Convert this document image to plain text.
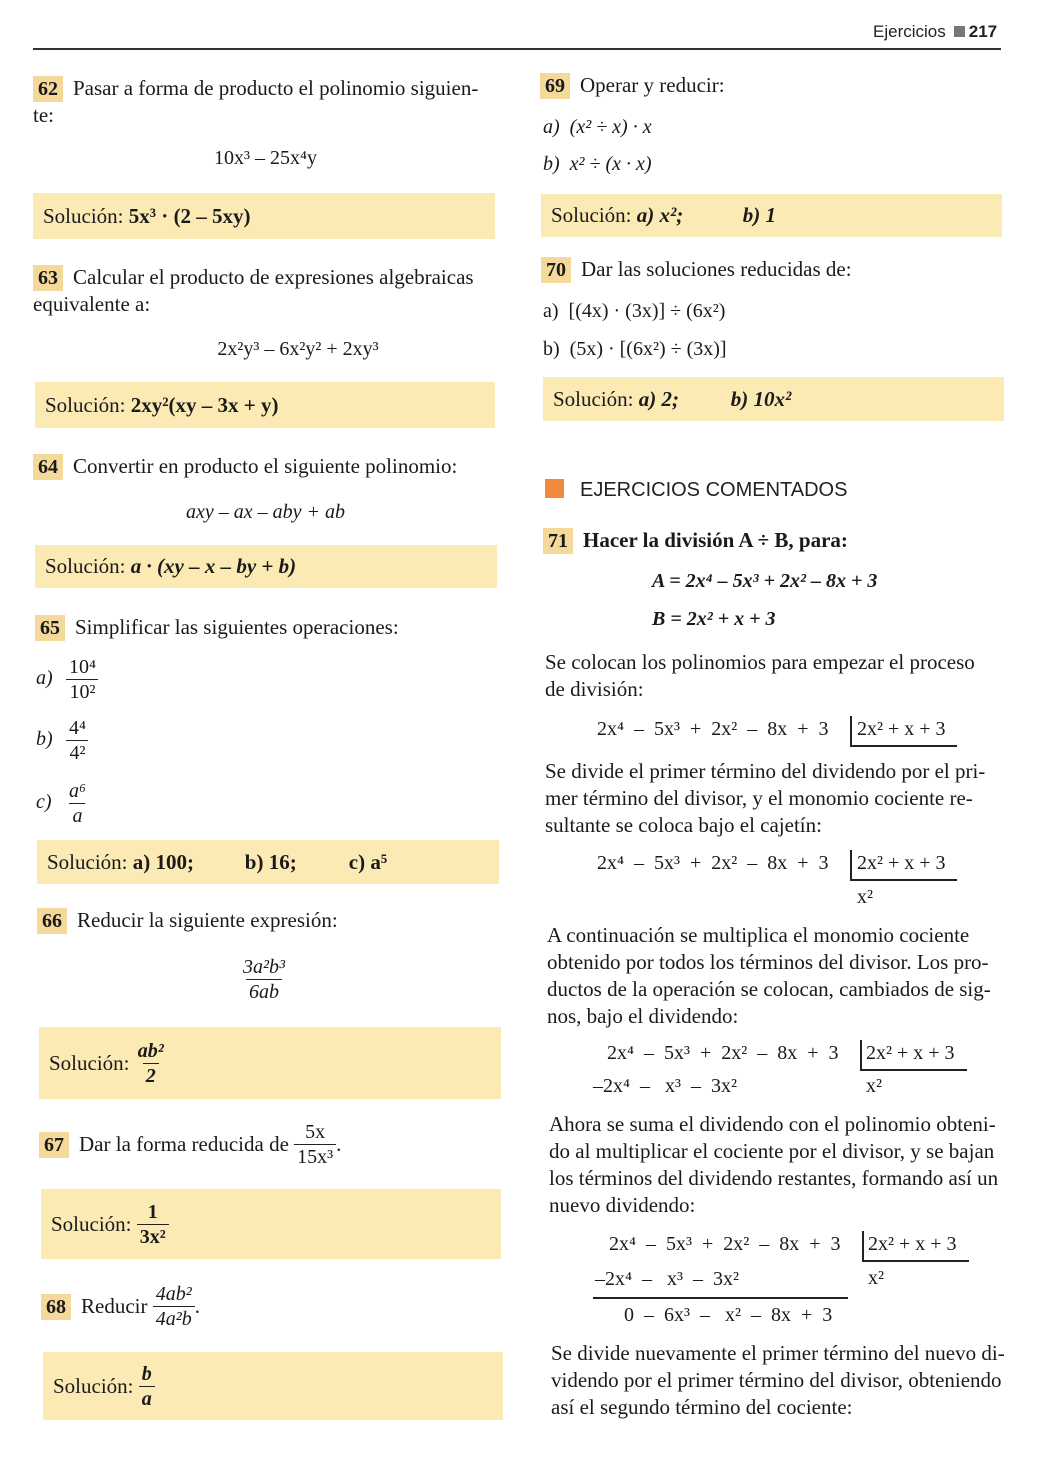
Ejercicios 217
62 Pasar a forma de producto el polinomio siguien-
te:
10x³ – 25x⁴y
Solución:
5x³ · (2 – 5xy)
63 Calcular el producto de expresiones algebraicas
equivalente a:
2x²y³ – 6x²y² + 2xy³
Solución:
2xy²(xy – 3x + y)
64 Convertir en producto el siguiente polinomio:
axy – ax – aby + ab
Solución:
a · (xy – x – by + b)
65 Simplificar las siguientes operaciones:
$a) \frac{\text{10⁴}}{\text{10²}}$
$b) \frac{\text{4⁴}}{\text{4²}}$
$c) \frac{\text{a⁶}}{a}$
Solución:
a) 100;	b) 16;	c) a⁵
66 Reducir la siguiente expresión:
$\frac{\text{3a²b³}}{6ab}$
Solución:
$\frac{\text{ab²}}{2}$
67 Dar la forma reducida de
$\frac{5x}{\text{15x³}}$ .
Solución:
$\frac{1}{\text{3x²}}$
68 Reducir
$\frac{\text{4ab²}}{\text{4a²b}}$ .
Solución:
$\frac{b}{a}$
69 Operar y reducir:
a)  (x² ÷ x) · x
b)  x² ÷ (x · x)
Solución:
a) x²;	b) 1
70 Dar las soluciones reducidas de:
a)  [(4x) · (3x)] ÷ (6x²)
b)  (5x) · [(6x²) ÷ (3x)]
Solución:
a) 2;	b) 10x²
EJERCICIOS COMENTADOS
71 Hacer la división A ÷ B, para:
A = 2x⁴ – 5x³ + 2x² – 8x + 3
B = 2x² + x + 3
Se colocan los polinomios para empezar el proceso
de división:
2x⁴  –  5x³  +  2x²  –  8x  +  3 2x² + x + 3
Se divide el primer término del dividendo por el pri-
mer término del divisor, y el monomio cociente re-
sultante se coloca bajo el cajetín:
2x⁴  –  5x³  +  2x²  –  8x  +  3 2x² + x + 3
x²
A continuación se multiplica el monomio cociente
obtenido por todos los términos del divisor. Los pro-
ductos de la operación se colocan, cambiados de sig-
nos, bajo el dividendo:
2x⁴  –  5x³  +  2x²  –  8x  +  3 2x² + x + 3
–2x⁴  –   x³  –  3x²	x²
Ahora se suma el dividendo con el polinomio obteni-
do al multiplicar el cociente por el divisor, y se bajan
los términos del dividendo restantes, formando así un
nuevo dividendo:
2x⁴  –  5x³  +  2x²  –  8x  +  3 2x² + x + 3
–2x⁴  –   x³  –  3x²	x²
0  –  6x³  –   x²  –  8x  +  3
Se divide nuevamente el primer término del nuevo di-
videndo por el primer término del divisor, obteniendo
así el segundo término del cociente:
